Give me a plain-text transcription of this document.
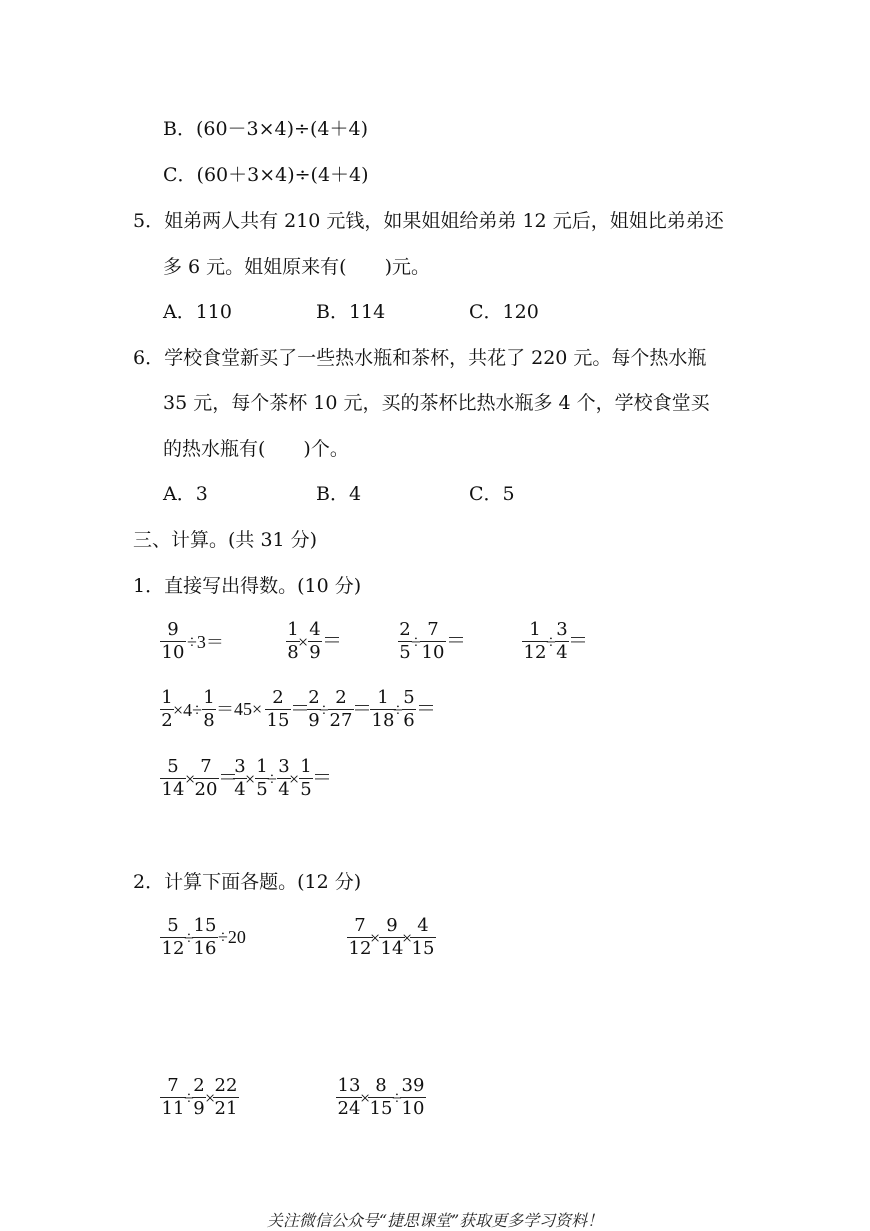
B．(60－3×4)÷(4＋4)
C．(60＋3×4)÷(4＋4)
5．姐弟两人共有 210 元钱，如果姐姐给弟弟 12 元后，姐姐比弟弟还
多 6 元。姐姐原来有(　　)元。
A．110	B．114	C．120
6．学校食堂新买了一些热水瓶和茶杯，共花了 220 元。每个热水瓶
35 元，每个茶杯 10 元，买的茶杯比热水瓶多 4 个，学校食堂买
的热水瓶有(　　)个。
A．3	B．4	C．5
三、计算。(共 31 分)
1．直接写出得数。(10 分)
9
10 ÷3＝
1
8 ×
4
9
＝
2
5 ÷
7
10
＝
1
12 ÷
3
4
＝
1
2 ×4÷
1
8
＝45×
2
15
＝
2
9 ÷
2
27
＝
1
18
÷
5
6
＝
5
14 ×
7
20
＝
3
4 ×
1
5 ÷
3
4 ×
1
5
＝
2．计算下面各题。(12 分)
5
12 ÷
15
16
÷20
7
12
×
9
14
×
4
15
7
11 ÷
2
9 ×
22
21
13
24 ×
8
15 ÷
39
10
关注微信公众号“捷思课堂”获取更多学习资料！
